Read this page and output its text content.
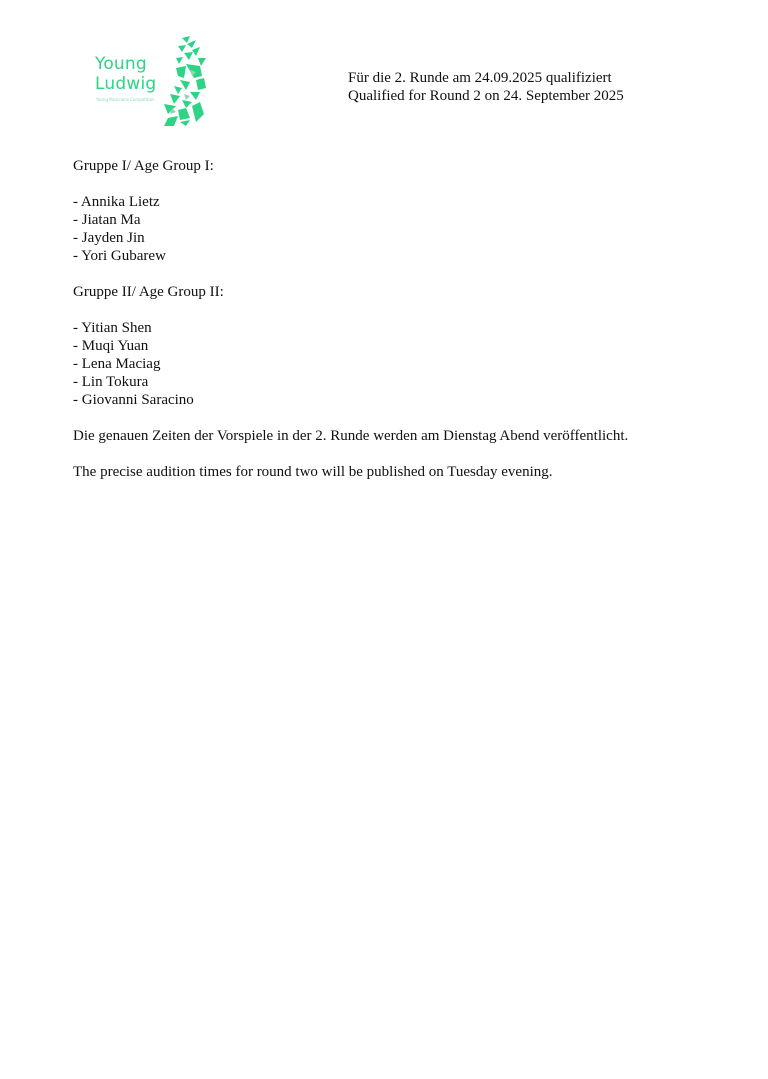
Young
Ludwig
Young Musicians Competition
Für die 2. Runde am 24.09.2025 qualifiziert
Qualified for Round 2 on 24. September 2025

Gruppe I/ Age Group I:

- Annika Lietz
- Jiatan Ma
- Jayden Jin
- Yori Gubarew

Gruppe II/ Age Group II:

- Yitian Shen
- Muqi Yuan
- Lena Maciag
- Lin Tokura
- Giovanni Saracino

Die genauen Zeiten der Vorspiele in der 2. Runde werden am Dienstag Abend veröffentlicht.

The precise audition times for round two will be published on Tuesday evening.
